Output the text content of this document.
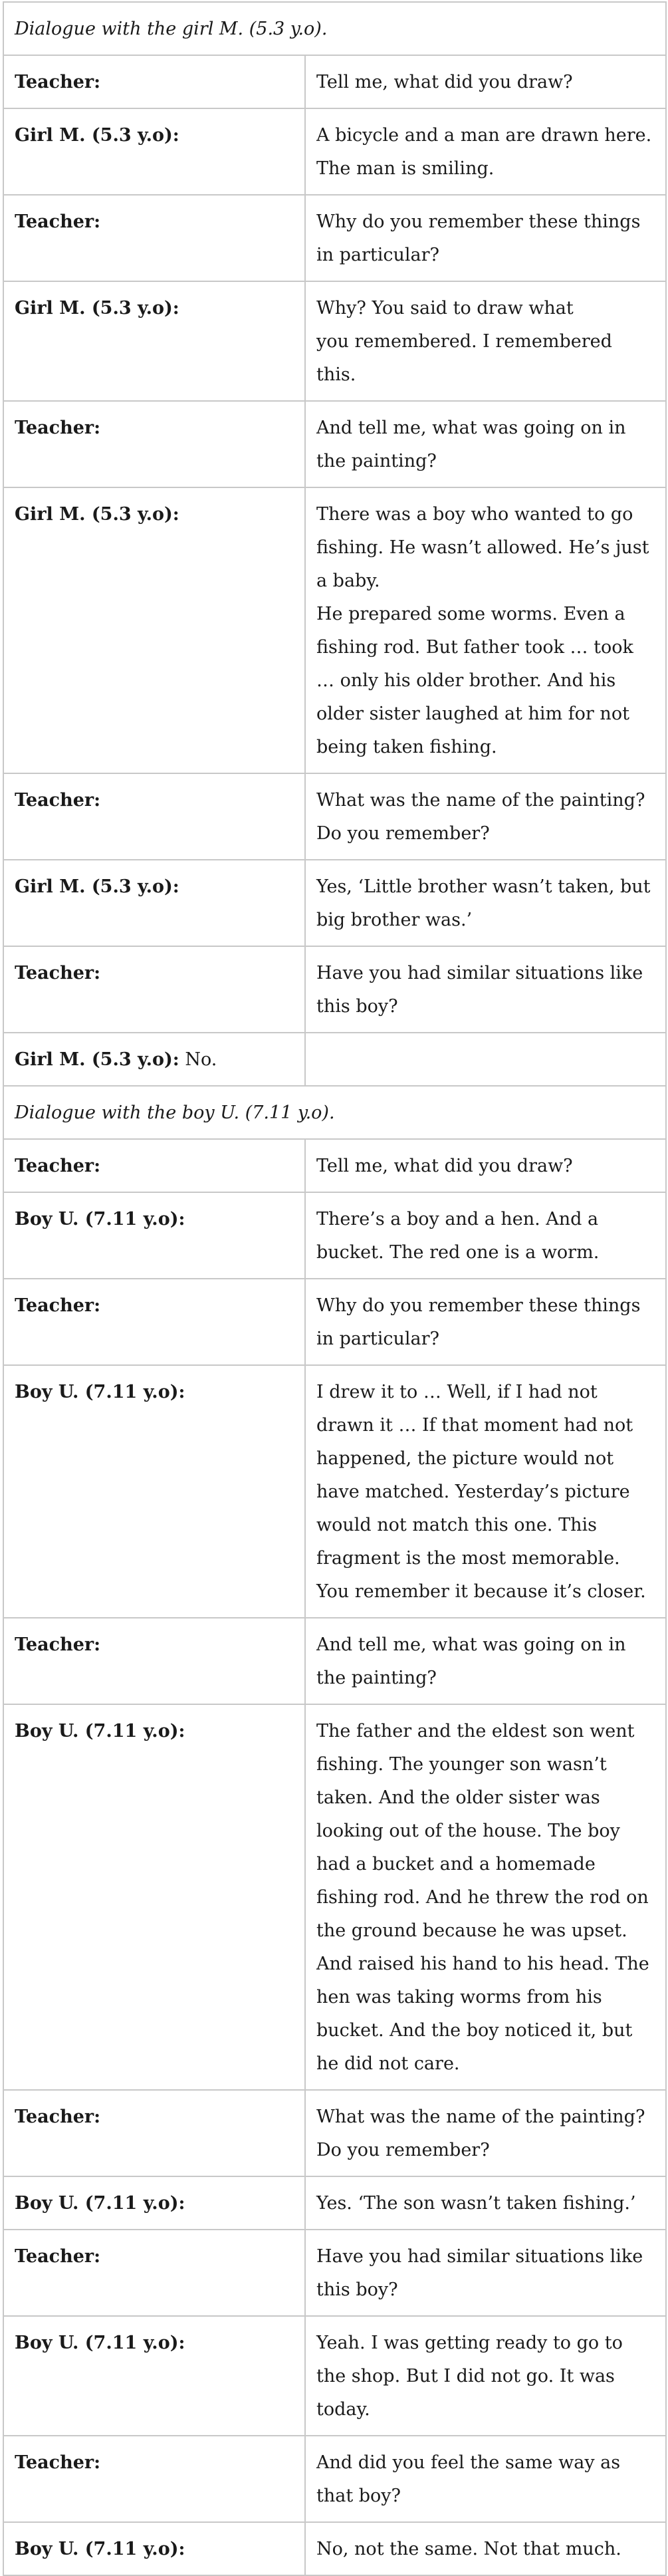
Dialogue with the girl M. (5.3 y.o).	
Teacher:	Tell me, what did you draw?

Girl M. (5.3 y.o):	A bicycle and a man are drawn here. The man is smiling.

Teacher:	Why do you remember these things in particular?

Girl M. (5.3 y.o):	Why? You said to draw what
you remembered. I remembered this.

Teacher:	And tell me, what was going on in the painting?

Girl M. (5.3 y.o):	There was a boy who wanted to go fishing. He wasn’t allowed. He’s just a baby.
He prepared some worms. Even a fishing rod. But father took … took … only his older brother. And his older sister laughed at him for not being taken fishing.

Teacher:	What was the name of the painting? Do you remember?

Girl M. (5.3 y.o):	Yes, ‘Little brother wasn’t taken, but big brother was.’

Teacher:	Have you had similar situations like this boy?

Girl M. (5.3 y.o): No.	
Dialogue with the boy U. (7.11 y.o).	
Teacher:	Tell me, what did you draw?

Boy U. (7.11 y.o):	There’s a boy and a hen. And a bucket. The red one is a worm.

Teacher:	Why do you remember these things in particular?

Boy U. (7.11 y.o):	I drew it to … Well, if I had not drawn it … If that moment had not happened, the picture would not have matched. Yesterday’s picture would not match this one. This fragment is the most memorable.
You remember it because it’s closer.

Teacher:	And tell me, what was going on in the painting?

Boy U. (7.11 y.o):	The father and the eldest son went fishing. The younger son wasn’t taken. And the older sister was looking out of the house. The boy had a bucket and a homemade fishing rod. And he threw the rod on the ground because he was upset. And raised his hand to his head. The hen was taking worms from his bucket. And the boy noticed it, but he did not care.

Teacher:	What was the name of the painting? Do you remember?

Boy U. (7.11 y.o):	Yes. ‘The son wasn’t taken fishing.’

Teacher:	Have you had similar situations like this boy?

Boy U. (7.11 y.o):	Yeah. I was getting ready to go to the shop. But I did not go. It was today.

Teacher:	And did you feel the same way as that boy?

Boy U. (7.11 y.o):	No, not the same. Not that much.
